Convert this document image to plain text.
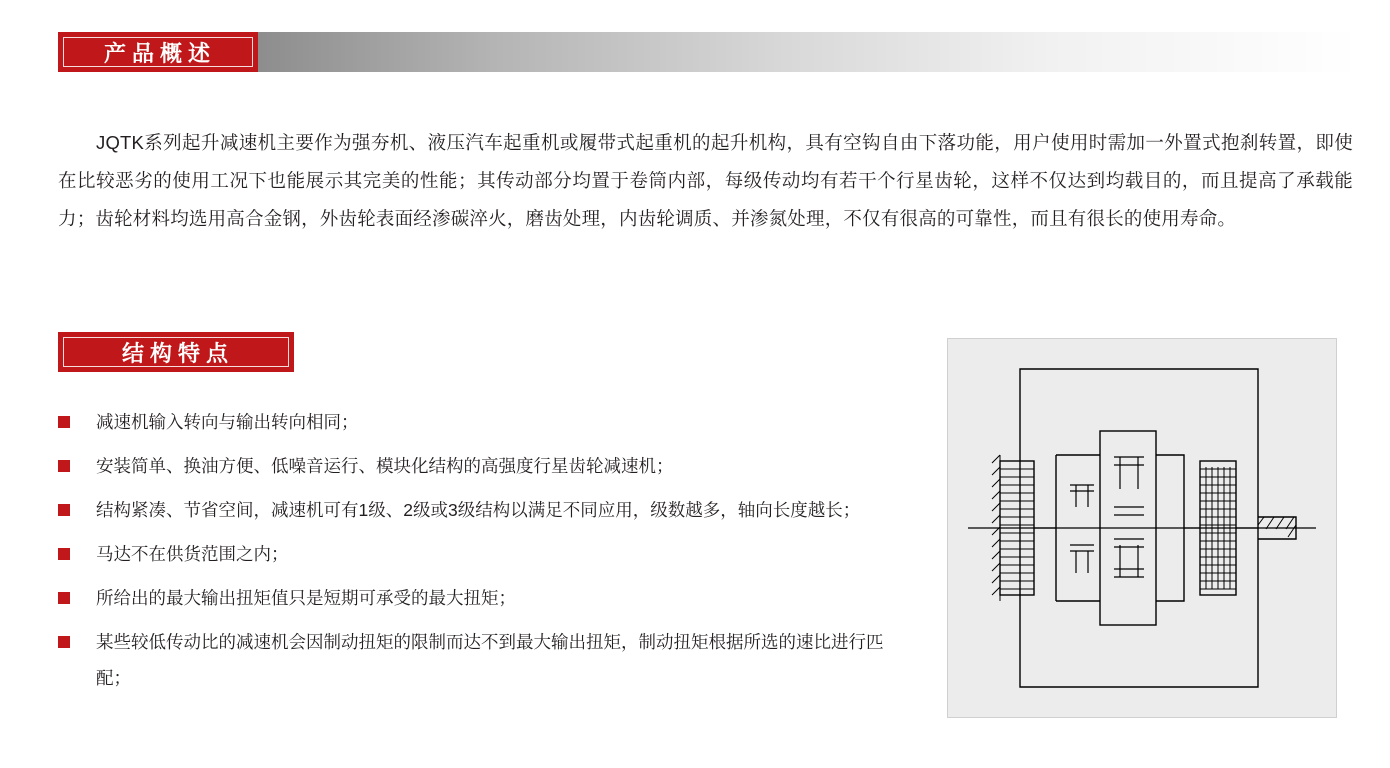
产品概述

JQTK系列起升减速机主要作为强夯机、液压汽车起重机或履带式起重机的起升机构，具有空钩自由下落功能，用户使用时需加一外置式抱刹转置，即使在比较恶劣的使用工况下也能展示其完美的性能；其传动部分均置于卷筒内部，每级传动均有若干个行星齿轮，这样不仅达到均载目的，而且提高了承载能力；齿轮材料均选用高合金钢，外齿轮表面经渗碳淬火，磨齿处理，内齿轮调质、并渗氮处理，不仅有很高的可靠性，而且有很长的使用寿命。

结构特点
减速机输入转向与输出转向相同；
安装简单、换油方便、低噪音运行、模块化结构的高强度行星齿轮减速机；
结构紧凑、节省空间，减速机可有1级、2级或3级结构以满足不同应用，级数越多，轴向长度越长；
马达不在供货范围之内；
所给出的最大输出扭矩值只是短期可承受的最大扭矩；
某些较低传动比的减速机会因制动扭矩的限制而达不到最大输出扭矩，制动扭矩根据所选的速比进行匹配；
